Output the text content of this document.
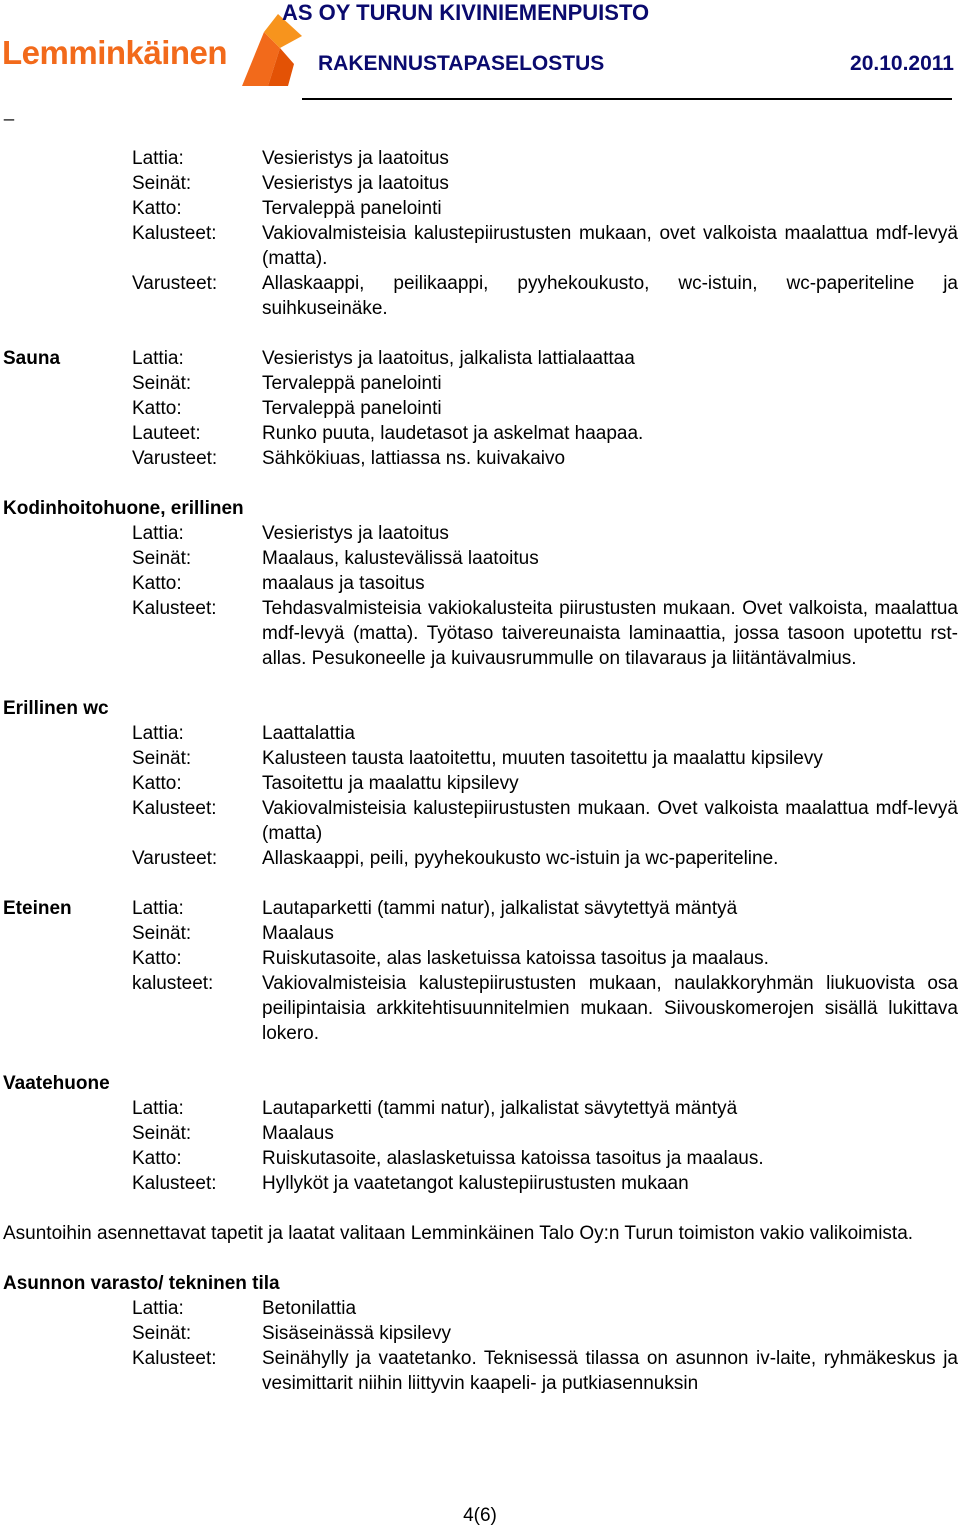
Lemminkäinen
AS OY TURUN KIVINIEMENPUISTO
RAKENNUSTAPASELOSTUS	20.10.2011
_
Lattia:	Vesieristys ja laatoitus
Seinät:	Vesieristys ja laatoitus
Katto:	Tervaleppä panelointi
Kalusteet:	Vakiovalmisteisia kalustepiirustusten mukaan, ovet valkoista maalattua mdf-levyä (matta).
Varusteet:	Allaskaappi, peilikaappi, pyyhekoukusto, wc-istuin, wc-paperiteline ja suihkuseinäke.
Sauna	Lattia:	Vesieristys ja laatoitus, jalkalista lattialaattaa
Seinät:	Tervaleppä panelointi
Katto:	Tervaleppä panelointi
Lauteet:	Runko puuta, laudetasot ja askelmat haapaa.
Varusteet:	Sähkökiuas, lattiassa ns. kuivakaivo
Kodinhoitohuone, erillinen
Lattia:	Vesieristys ja laatoitus
Seinät:	Maalaus, kalustevälissä laatoitus
Katto:	maalaus ja tasoitus
Kalusteet:	Tehdasvalmisteisia vakiokalusteita piirustusten mukaan. Ovet valkoista, maalattua mdf-levyä (matta). Työtaso taivereunaista laminaattia, jossa tasoon upotettu rst-allas. Pesukoneelle ja kuivausrummulle on tilavaraus ja liitäntävalmius.
Erillinen wc
Lattia:	Laattalattia
Seinät:	Kalusteen tausta laatoitettu, muuten tasoitettu ja maalattu kipsilevy
Katto:	Tasoitettu ja maalattu kipsilevy
Kalusteet:	Vakiovalmisteisia kalustepiirustusten mukaan. Ovet valkoista maalattua mdf-levyä (matta)
Varusteet:	Allaskaappi, peili, pyyhekoukusto wc-istuin ja wc-paperiteline.
Eteinen	Lattia:	Lautaparketti (tammi natur), jalkalistat sävytettyä mäntyä
Seinät:	Maalaus
Katto:	Ruiskutasoite, alas lasketuissa katoissa tasoitus ja maalaus.
kalusteet:	Vakiovalmisteisia kalustepiirustusten mukaan, naulakkoryhmän liukuovista osa peilipintaisia arkkitehtisuunnitelmien mukaan. Siivouskomerojen sisällä lukittava lokero.
Vaatehuone
Lattia:	Lautaparketti (tammi natur), jalkalistat sävytettyä mäntyä
Seinät:	Maalaus
Katto:	Ruiskutasoite, alaslasketuissa katoissa tasoitus ja maalaus.
Kalusteet:	Hyllyköt ja vaatetangot kalustepiirustusten mukaan
Asuntoihin asennettavat tapetit ja laatat valitaan Lemminkäinen Talo Oy:n Turun toimiston vakio valikoimista.
Asunnon varasto/ tekninen tila
Lattia:	Betonilattia
Seinät:	Sisäseinässä kipsilevy
Kalusteet:	Seinähylly ja vaatetanko. Teknisessä tilassa on asunnon iv-laite, ryhmäkeskus ja vesimittarit niihin liittyvin kaapeli- ja putkiasennuksin
4(6)
